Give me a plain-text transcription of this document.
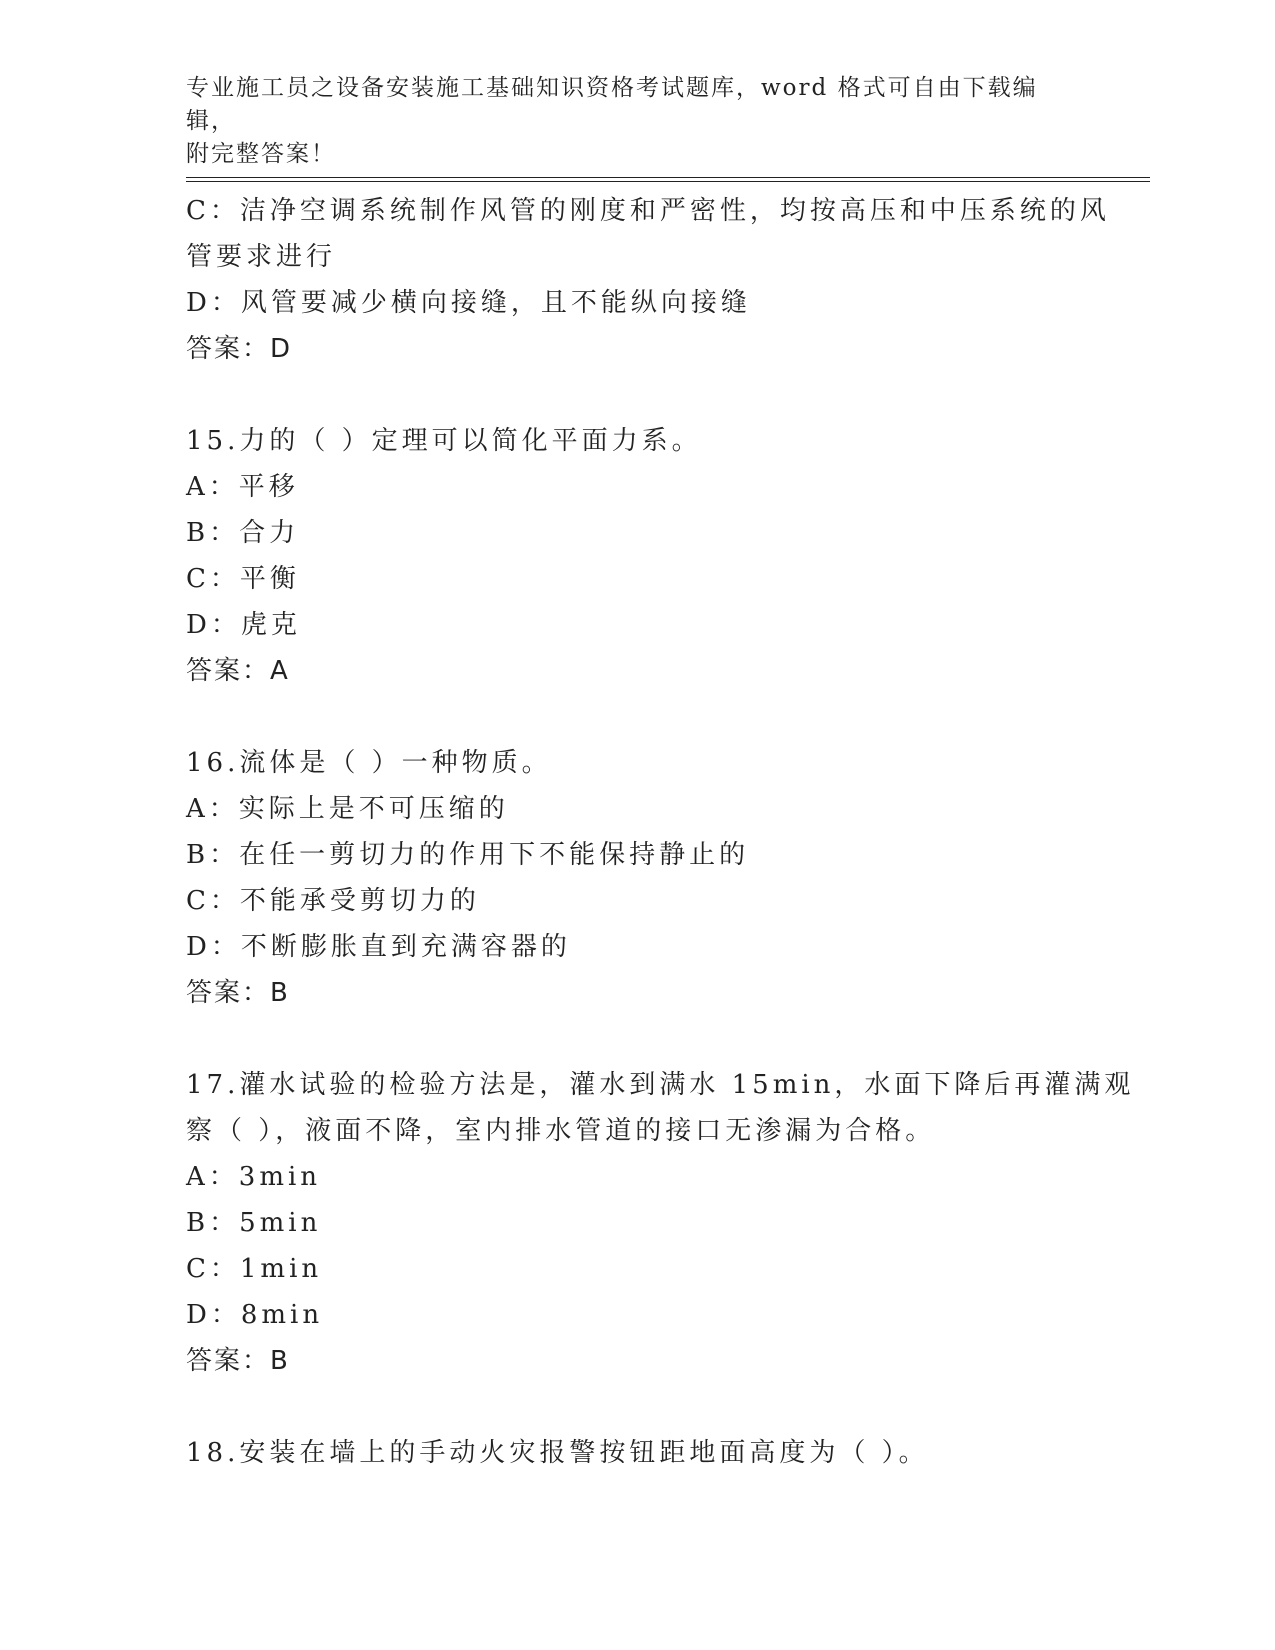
专业施工员之设备安装施工基础知识资格考试题库，word 格式可自由下载编辑，
附完整答案！
C：洁净空调系统制作风管的刚度和严密性，均按高压和中压系统的风
管要求进行
D：风管要减少横向接缝，且不能纵向接缝
答案：D
15.力的（ ）定理可以简化平面力系。
A：平移
B：合力
C：平衡
D：虎克
答案：A
16.流体是（ ）一种物质。
A：实际上是不可压缩的
B：在任一剪切力的作用下不能保持静止的
C：不能承受剪切力的
D：不断膨胀直到充满容器的
答案：B
17.灌水试验的检验方法是，灌水到满水 15min，水面下降后再灌满观
察（ ），液面不降，室内排水管道的接口无渗漏为合格。
A：3min
B：5min
C：1min
D：8min
答案：B
18.安装在墙上的手动火灾报警按钮距地面高度为（ ）。
